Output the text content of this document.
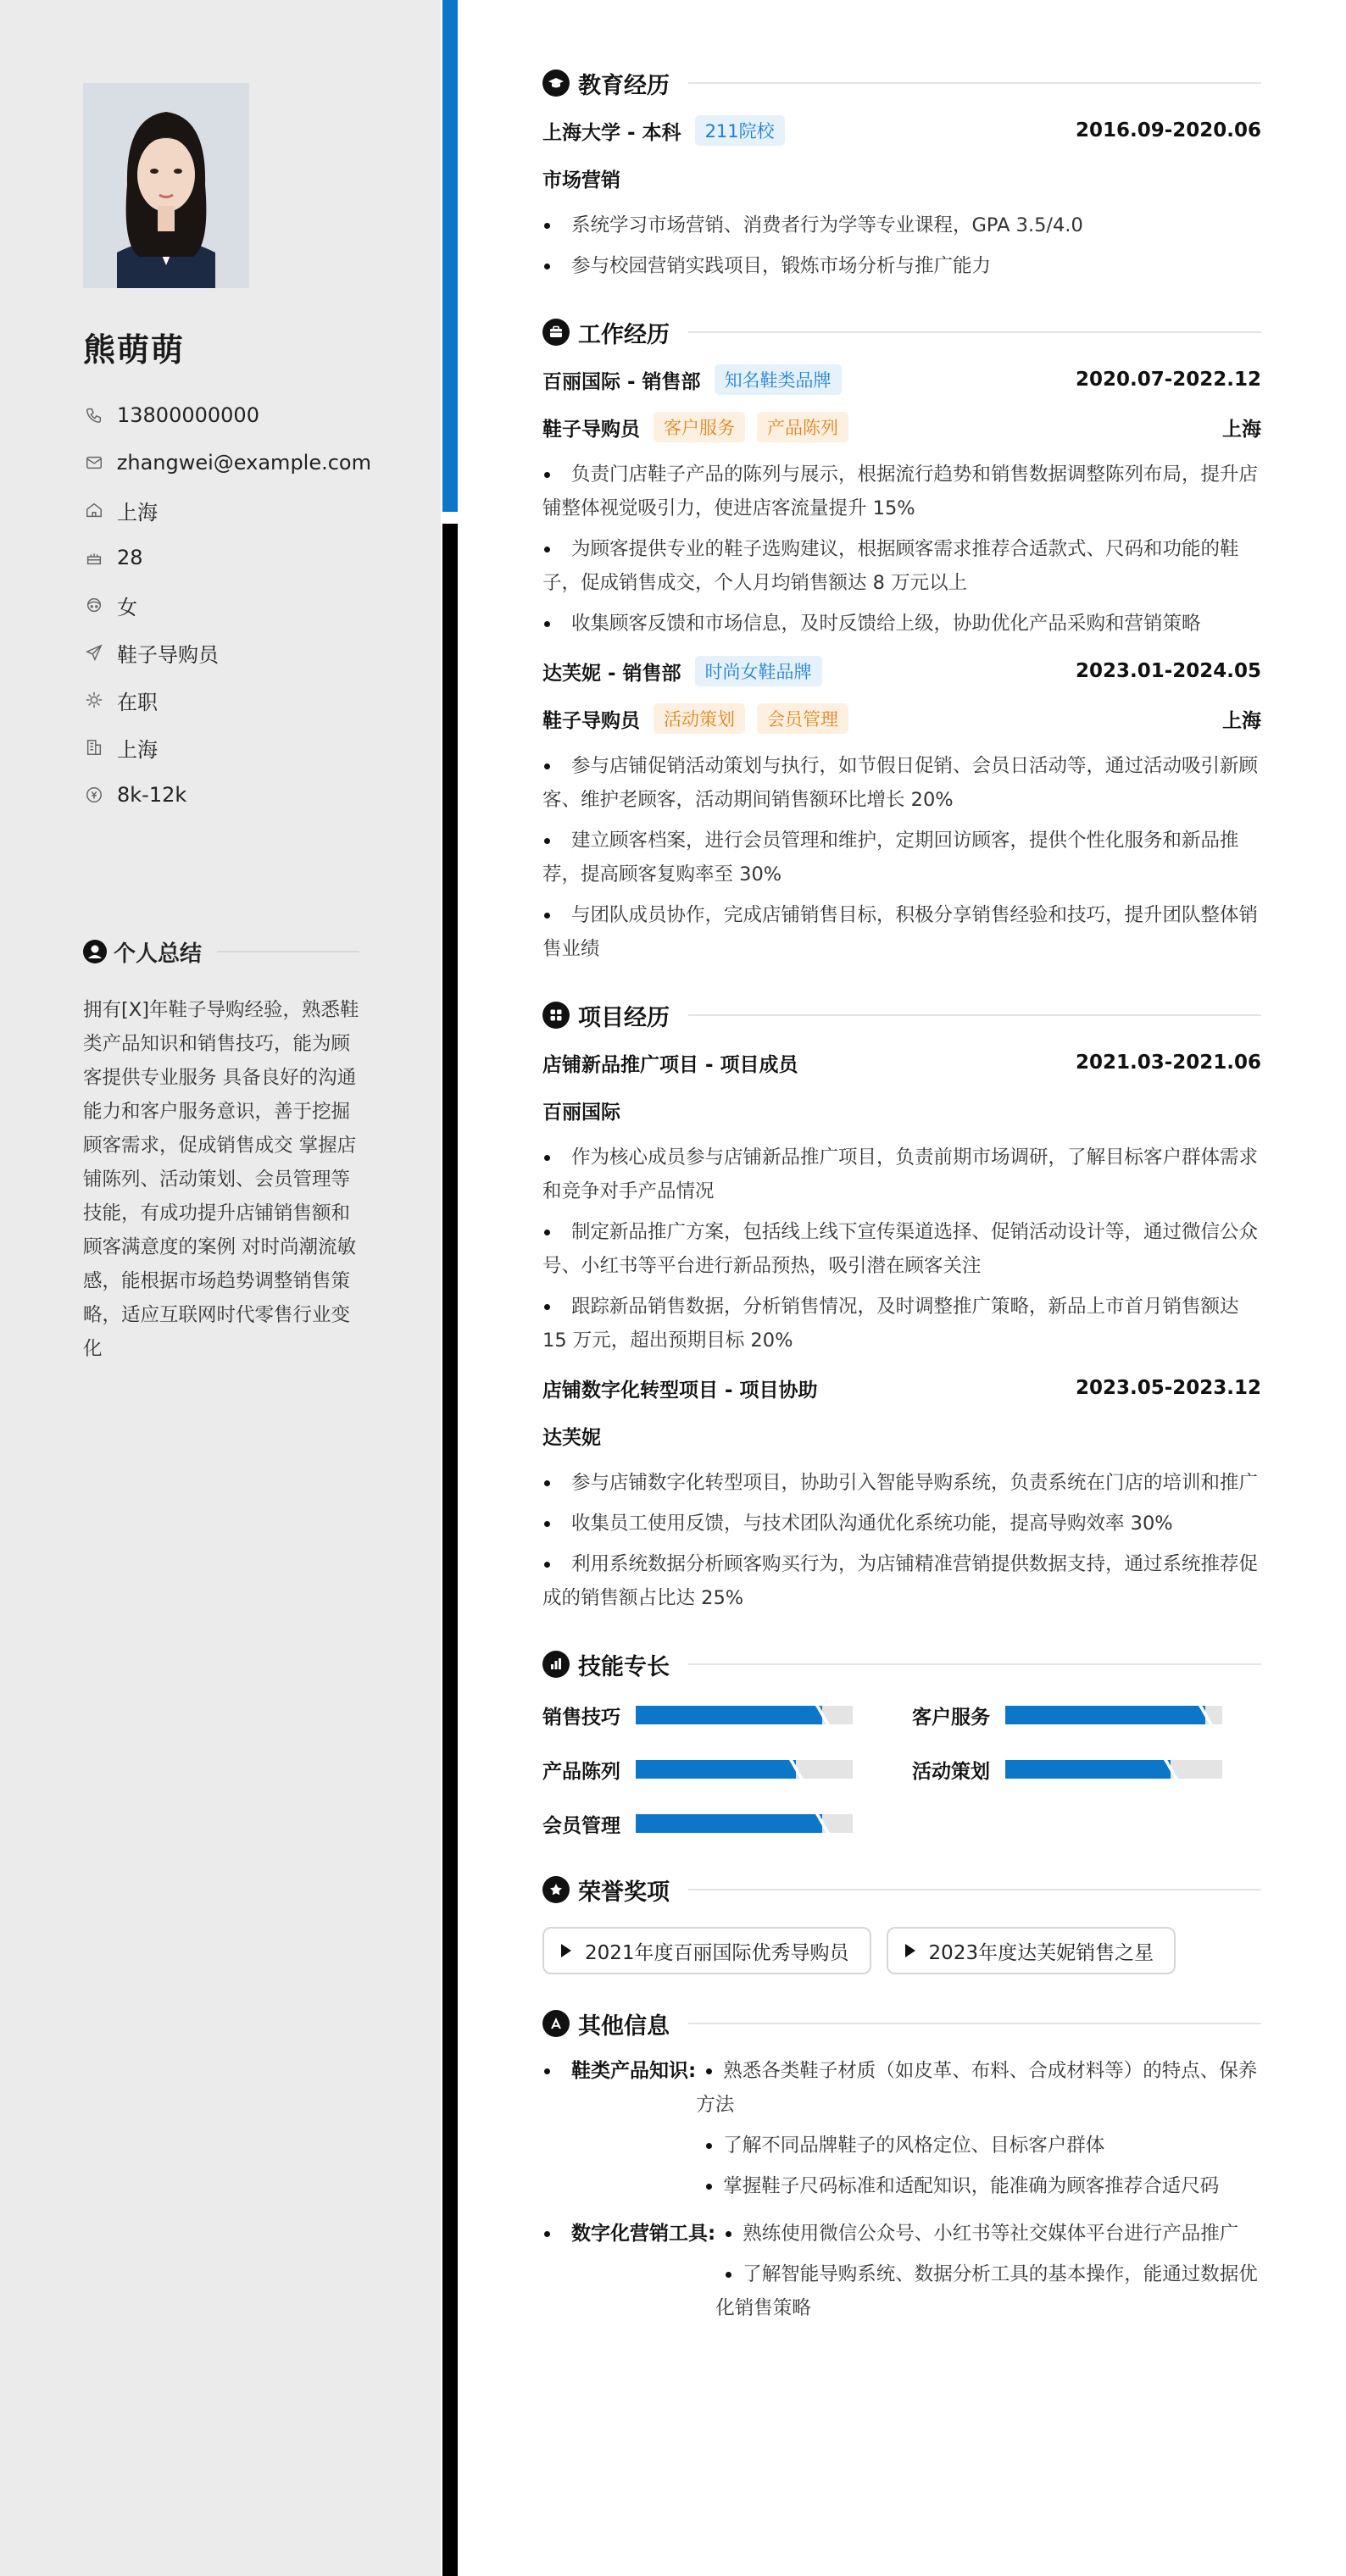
熊萌萌
13800000000
zhangwei@example.com
上海
28
女
鞋子导购员
在职
上海
8k-12k
个人总结
拥有[X]年鞋子导购经验，熟悉鞋类产品知识和销售技巧，能为顾客提供专业服务 具备良好的沟通能力和客户服务意识，善于挖掘顾客需求，促成销售成交 掌握店铺陈列、活动策划、会员管理等技能，有成功提升店铺销售额和顾客满意度的案例 对时尚潮流敏感，能根据市场趋势调整销售策略，适应互联网时代零售行业变化
教育经历
上海大学 - 本科	211院校	2016.09-2020.06
市场营销
系统学习市场营销、消费者行为学等专业课程，GPA 3.5/4.0
参与校园营销实践项目，锻炼市场分析与推广能力
工作经历
百丽国际 - 销售部	知名鞋类品牌	2020.07-2022.12
鞋子导购员	客户服务	产品陈列	上海
负责门店鞋子产品的陈列与展示，根据流行趋势和销售数据调整陈列布局，提升店铺整体视觉吸引力，使进店客流量提升 15%
为顾客提供专业的鞋子选购建议，根据顾客需求推荐合适款式、尺码和功能的鞋子，促成销售成交，个人月均销售额达 8 万元以上
收集顾客反馈和市场信息，及时反馈给上级，协助优化产品采购和营销策略
达芙妮 - 销售部	时尚女鞋品牌	2023.01-2024.05
鞋子导购员	活动策划	会员管理	上海
参与店铺促销活动策划与执行，如节假日促销、会员日活动等，通过活动吸引新顾客、维护老顾客，活动期间销售额环比增长 20%
建立顾客档案，进行会员管理和维护，定期回访顾客，提供个性化服务和新品推荐，提高顾客复购率至 30%
与团队成员协作，完成店铺销售目标，积极分享销售经验和技巧，提升团队整体销售业绩
项目经历
店铺新品推广项目 - 项目成员	2021.03-2021.06
百丽国际
作为核心成员参与店铺新品推广项目，负责前期市场调研，了解目标客户群体需求和竞争对手产品情况
制定新品推广方案，包括线上线下宣传渠道选择、促销活动设计等，通过微信公众号、小红书等平台进行新品预热，吸引潜在顾客关注
跟踪新品销售数据，分析销售情况，及时调整推广策略，新品上市首月销售额达 15 万元，超出预期目标 20%
店铺数字化转型项目 - 项目协助	2023.05-2023.12
达芙妮
参与店铺数字化转型项目，协助引入智能导购系统，负责系统在门店的培训和推广
收集员工使用反馈，与技术团队沟通优化系统功能，提高导购效率 30%
利用系统数据分析顾客购买行为，为店铺精准营销提供数据支持，通过系统推荐促成的销售额占比达 25%
技能专长
销售技巧	客户服务
产品陈列	活动策划
会员管理
荣誉奖项
2021年度百丽国际优秀导购员	2023年度达芙妮销售之星
其他信息
鞋类产品知识:	熟悉各类鞋子材质（如皮革、布料、合成材料等）的特点、保养方法
了解不同品牌鞋子的风格定位、目标客户群体
掌握鞋子尺码标准和适配知识，能准确为顾客推荐合适尺码
数字化营销工具:	熟练使用微信公众号、小红书等社交媒体平台进行产品推广
了解智能导购系统、数据分析工具的基本操作，能通过数据优化销售策略
